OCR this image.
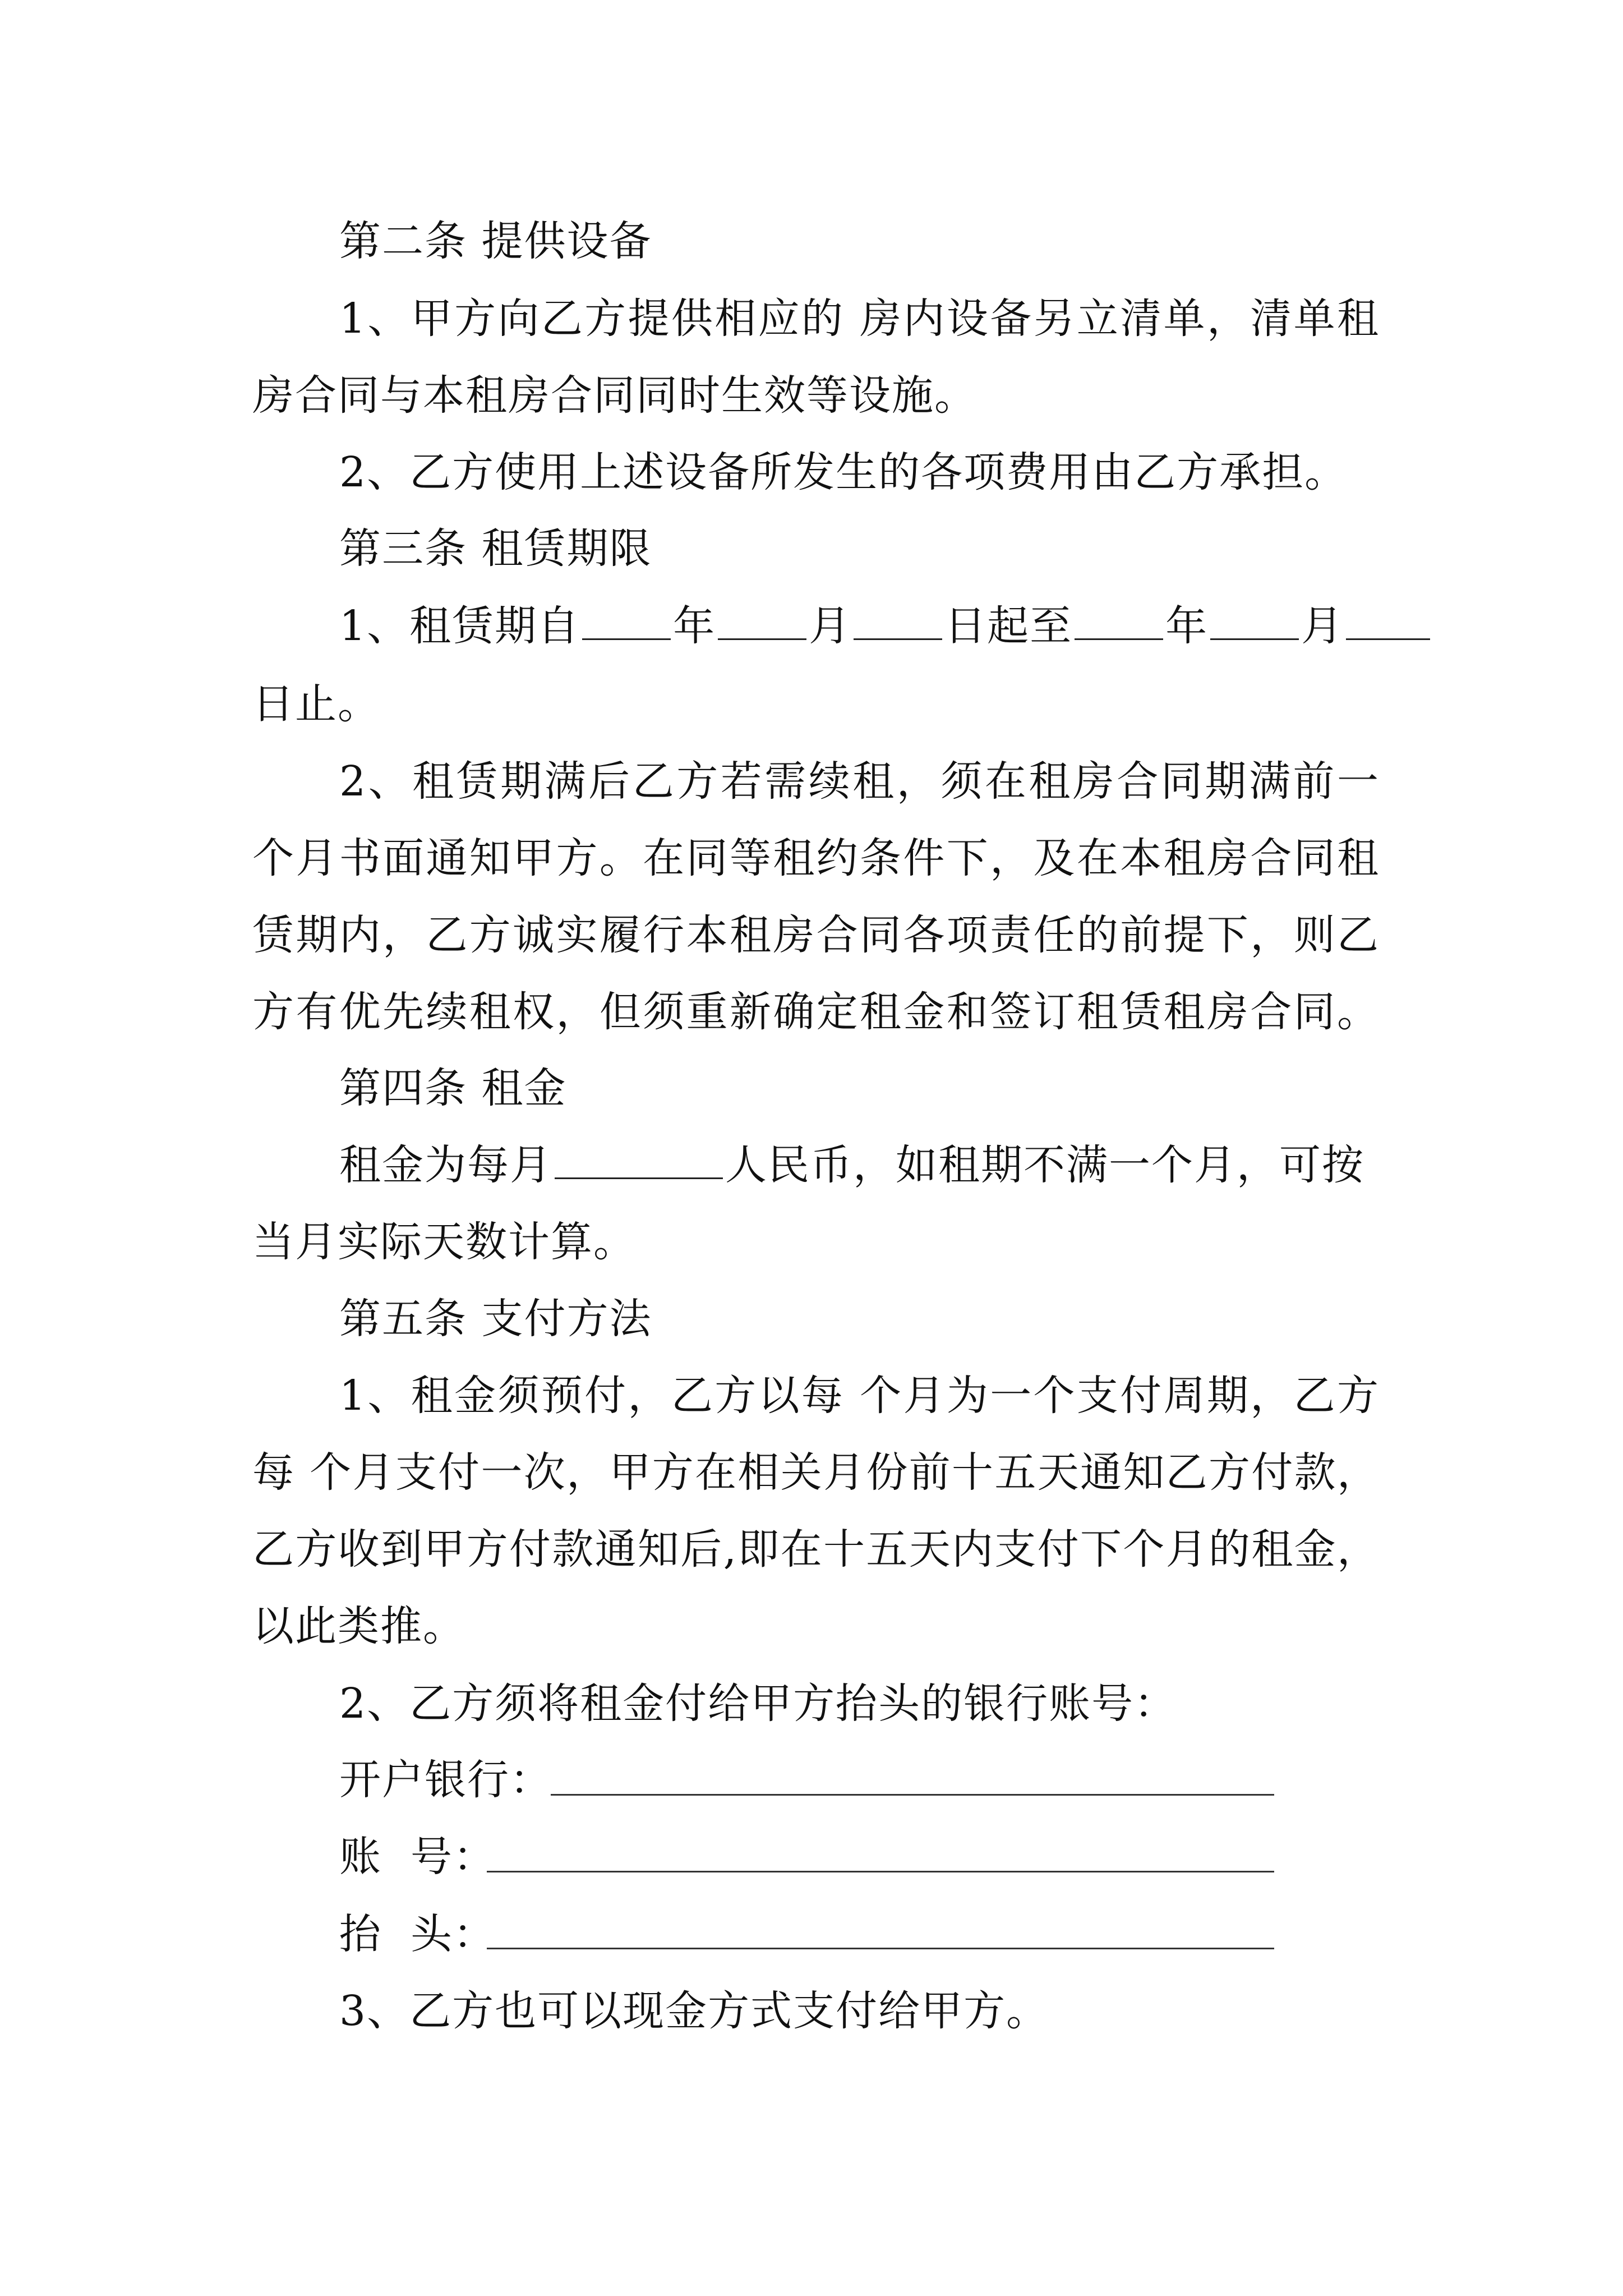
第二条 提供设备
1、甲方向乙方提供相应的 房内设备另立清单，清单租
房合同与本租房合同同时生效等设施。
2、乙方使用上述设备所发生的各项费用由乙方承担。
第三条 租赁期限
1、租赁期自 年 月 日起至 年 月
日止。
2、租赁期满后乙方若需续租，须在租房合同期满前一
个月书面通知甲方。在同等租约条件下，及在本租房合同租
赁期内，乙方诚实履行本租房合同各项责任的前提下，则乙
方有优先续租权，但须重新确定租金和签订租赁租房合同。
第四条 租金
租金为每月	人民币，如租期不满一个月，可按
当月实际天数计算。
第五条 支付方法
1、租金须预付，乙方以每 个月为一个支付周期，乙方
每 个月支付一次，甲方在相关月份前十五天通知乙方付款，
乙方收到甲方付款通知后,即在十五天内支付下个月的租金，
以此类推。
2、乙方须将租金付给甲方抬头的银行账号：
开户银行：
账  号：
抬  头：
3、乙方也可以现金方式支付给甲方。
